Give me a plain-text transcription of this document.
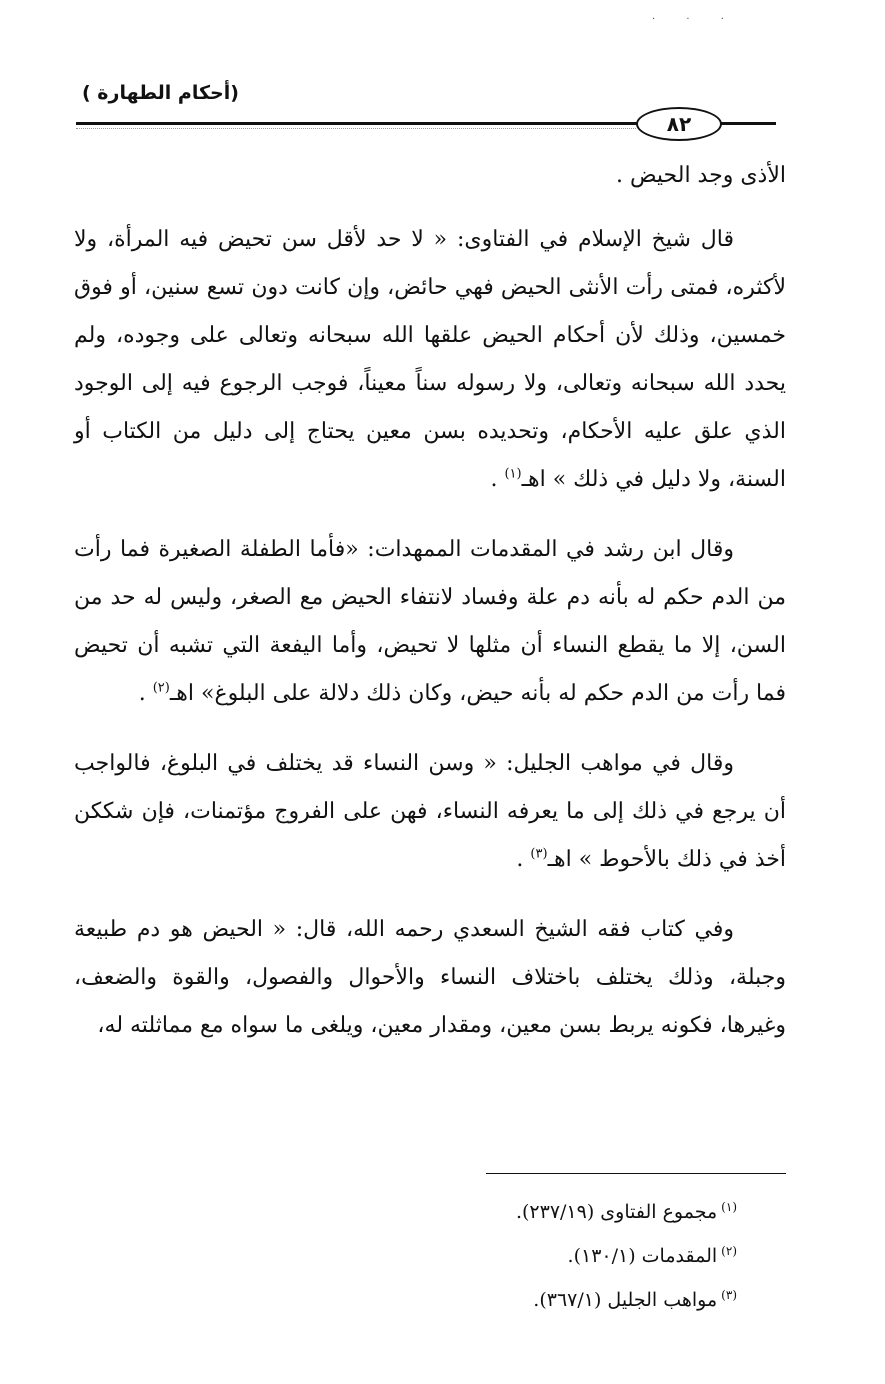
· · ·
(أحكام الطهارة )
٨٢

الأذى وجد الحيض .

قال شيخ الإسلام في الفتاوى: « لا حد لأقل سن تحيض فيه المرأة، ولا لأكثره، فمتى رأت الأنثى الحيض فهي حائض، وإن كانت دون تسع سنين، أو فوق خمسين، وذلك لأن أحكام الحيض علقها الله سبحانه وتعالى على وجوده، ولم يحدد الله سبحانه وتعالى، ولا رسوله سناً معيناً، فوجب الرجوع فيه إلى الوجود الذي علق عليه الأحكام، وتحديده بسن معين يحتاج إلى دليل من الكتاب أو السنة، ولا دليل في ذلك » اهـ$^{(١)}$ .

وقال ابن رشد في المقدمات الممهدات: «فأما الطفلة الصغيرة فما رأت من الدم حكم له بأنه دم علة وفساد لانتفاء الحيض مع الصغر، وليس له حد من السن، إلا ما يقطع النساء أن مثلها لا تحيض، وأما اليفعة التي تشبه أن تحيض فما رأت من الدم حكم له بأنه حيض، وكان ذلك دلالة على البلوغ» اهـ$^{(٢)}$ .

وقال في مواهب الجليل: « وسن النساء قد يختلف في البلوغ، فالواجب أن يرجع في ذلك إلى ما يعرفه النساء، فهن على الفروج مؤتمنات، فإن شككن أخذ في ذلك بالأحوط » اهـ$^{(٣)}$ .

وفي كتاب فقه الشيخ السعدي رحمه الله، قال: « الحيض هو دم طبيعة وجبلة، وذلك يختلف باختلاف النساء والأحوال والفصول، والقوة والضعف، وغيرها، فكونه يربط بسن معين، ومقدار معين، ويلغى ما سواه مع مماثلته له،

$^{(١)}$مجموع الفتاوى (٢٣٧/١٩).
$^{(٢)}$المقدمات (١٣٠/١).
$^{(٣)}$مواهب الجليل (٣٦٧/١).
